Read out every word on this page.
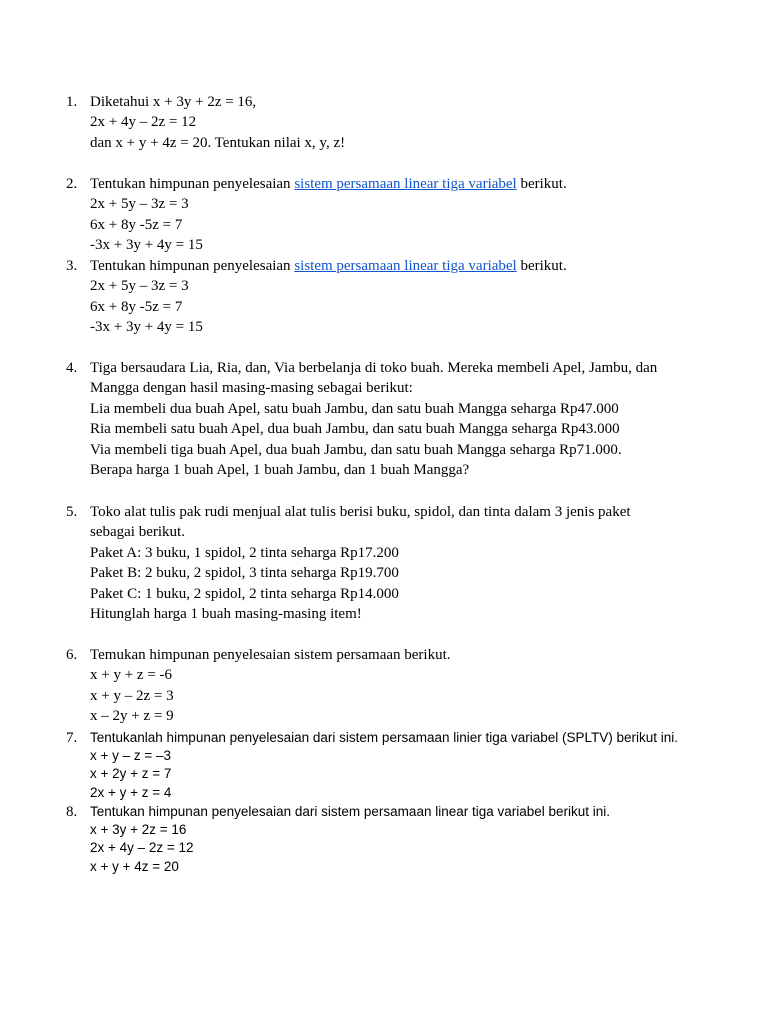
1. Diketahui x + 3y + 2z = 16,
2x + 4y – 2z = 12
dan x + y + 4z = 20. Tentukan nilai x, y, z!
2. Tentukan himpunan penyelesaian sistem persamaan linear tiga variabel berikut.
2x + 5y – 3z = 3
6x + 8y -5z = 7
-3x + 3y + 4y = 15
3. Tentukan himpunan penyelesaian sistem persamaan linear tiga variabel berikut.
2x + 5y – 3z = 3
6x + 8y -5z = 7
-3x + 3y + 4y = 15
4. Tiga bersaudara Lia, Ria, dan, Via berbelanja di toko buah. Mereka membeli Apel, Jambu, dan
Mangga dengan hasil masing-masing sebagai berikut:
Lia membeli dua buah Apel, satu buah Jambu, dan satu buah Mangga seharga Rp47.000
Ria membeli satu buah Apel, dua buah Jambu, dan satu buah Mangga seharga Rp43.000
Via membeli tiga buah Apel, dua buah Jambu, dan satu buah Mangga seharga Rp71.000.
Berapa harga 1 buah Apel, 1 buah Jambu, dan 1 buah Mangga?
5. Toko alat tulis pak rudi menjual alat tulis berisi buku, spidol, dan tinta dalam 3 jenis paket
sebagai berikut.
Paket A: 3 buku, 1 spidol, 2 tinta seharga Rp17.200
Paket B: 2 buku, 2 spidol, 3 tinta seharga Rp19.700
Paket C: 1 buku, 2 spidol, 2 tinta seharga Rp14.000
Hitunglah harga 1 buah masing-masing item!
6. Temukan himpunan penyelesaian sistem persamaan berikut.
x + y + z = -6
x + y – 2z = 3
x – 2y + z = 9
7. Tentukanlah himpunan penyelesaian dari sistem persamaan linier tiga variabel (SPLTV) berikut ini.
x + y – z = –3
x + 2y + z = 7
2x + y + z = 4
8. Tentukan himpunan penyelesaian dari sistem persamaan linear tiga variabel berikut ini.
x + 3y + 2z = 16
2x + 4y – 2z = 12
x + y + 4z = 20
